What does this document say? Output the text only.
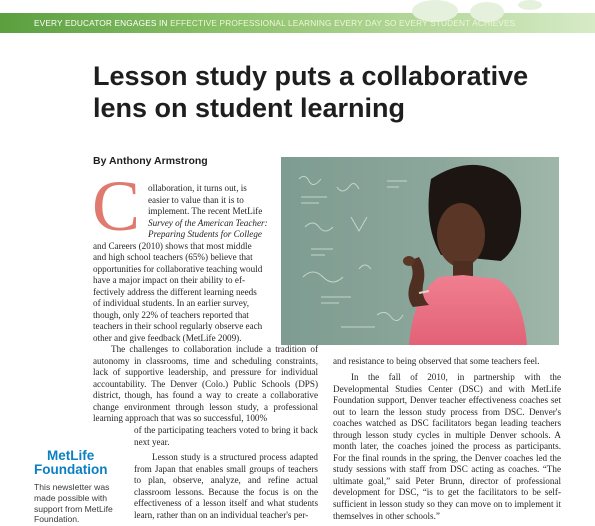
EVERY EDUCATOR ENGAGES IN EFFECTIVE PROFESSIONAL LEARNING EVERY DAY SO EVERY STUDENT ACHIEVES
Lesson study puts a collaborative lens on student learning
By Anthony Armstrong
C ollaboration, it turns out, is
easier to value than it is to
implement. The recent MetLife
Survey of the American Teacher:
Preparing Students for College
and Careers (2010) shows that most middle
and high school teachers (65%) believe that
opportunities for collaborative teaching would
have a major impact on their ability to ef-
fectively address the different learning needs
of individual students. In an earlier survey,
though, only 22% of teachers reported that
teachers in their school regularly observe each
other and give feedback (MetLife 2009).

The challenges to collaboration include a tradition of autonomy in classrooms, time and scheduling constraints, lack of supportive leadership, and pressure for individual accountability. The Denver (Colo.) Public Schools (DPS) district, though, has found a way to create a collaborative change environment through lesson study, a professional learning approach that was so successful, 100%

of the participating teachers voted to bring it back next year.

Lesson study is a structured process adapted from Japan that enables small groups of teachers to plan, observe, analyze, and refine actual classroom lessons. Because the focus is on the effectiveness of a lesson itself and what students learn, rather than on an individual teacher's per-

and resistance to being observed that some teachers feel.

In the fall of 2010, in partnership with the Developmental Studies Center (DSC) and with MetLife Foundation support, Denver teacher effectiveness coaches set out to learn the lesson study process from DSC. Denver's coaches watched as DSC facilitators began leading teachers through lesson study cycles in multiple Denver schools. A month later, the coaches joined the process as participants. For the final rounds in the spring, the Denver coaches led the study sessions with staff from DSC acting as coaches. “The ultimate goal,” said Peter Brunn, director of professional development for DSC, “is to get the facilitators to be self-sufficient in lesson study so they can move on to implement it themselves in other schools.”

MetLife
Foundation
This newsletter was made possible with support from MetLife Foundation.
